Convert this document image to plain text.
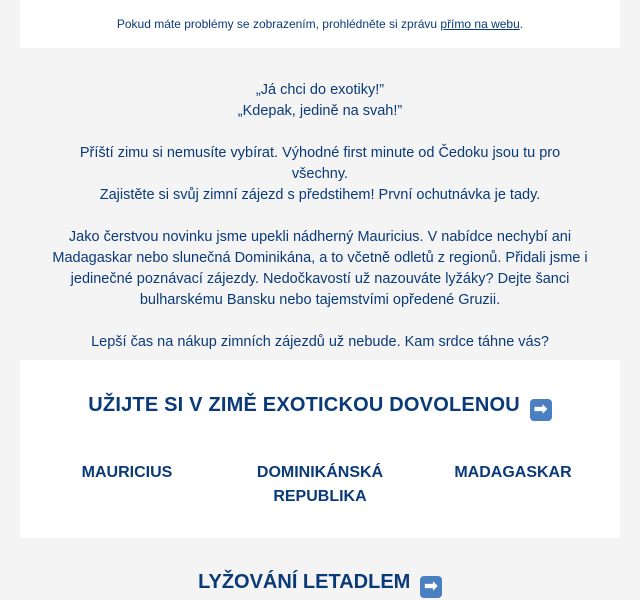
Pokud máte problémy se zobrazením, prohlédněte si zprávu přímo na webu.

„Já chci do exotiky!”
„Kdepak, jedině na svah!”

Příští zimu si nemusíte vybírat. Výhodné first minute od Čedoku jsou tu pro všechny.
Zajistěte si svůj zimní zájezd s předstihem! První ochutnávka je tady.

Jako čerstvou novinku jsme upekli nádherný Mauricius. V nabídce nechybí ani Madagaskar nebo slunečná Dominikána, a to včetně odletů z regionů. Přidali jsme i jedinečné poznávací zájezdy. Nedočkavostí už nazouváte lyžáky? Dejte šanci bulharskému Bansku nebo tajemstvími opředené Gruzii.

Lepší čas na nákup zimních zájezdů už nebude. Kam srdce táhne vás?

UŽIJTE SI V ZIMĚ EXOTICKOU DOVOLENOU ➡
MAURICIUS	DOMINIKÁNSKÁ REPUBLIKA
MADAGASKAR
LYŽOVÁNÍ LETADLEM ➡
